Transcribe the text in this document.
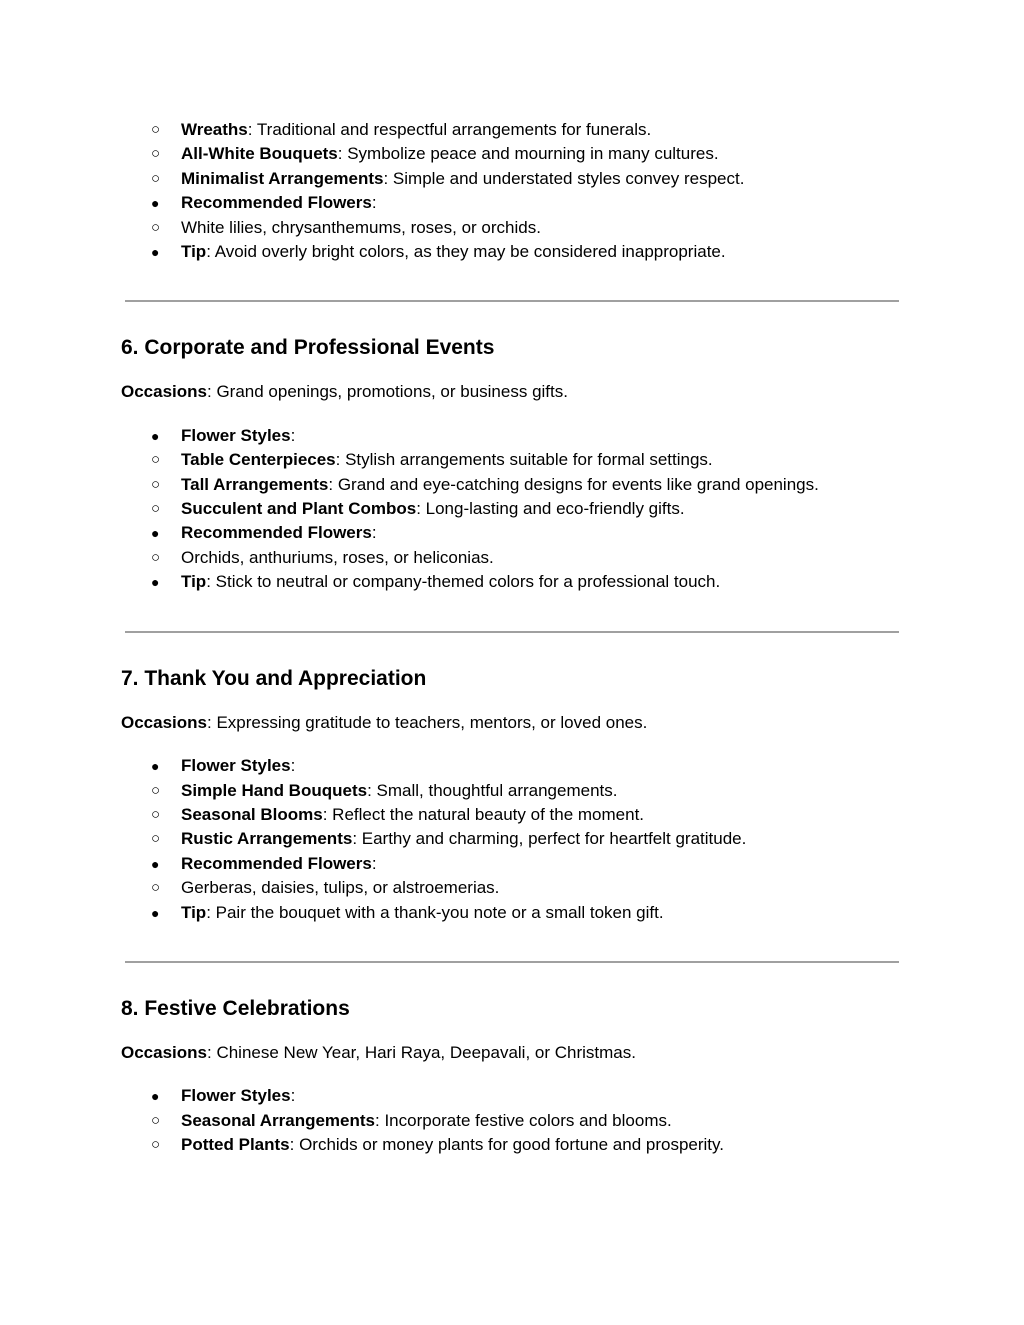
○ Wreaths: Traditional and respectful arrangements for funerals.
○ All-White Bouquets: Symbolize peace and mourning in many cultures.
○ Minimalist Arrangements: Simple and understated styles convey respect.
● Recommended Flowers:
○ White lilies, chrysanthemums, roses, or orchids.
● Tip: Avoid overly bright colors, as they may be considered inappropriate.
6. Corporate and Professional Events

Occasions: Grand openings, promotions, or business gifts.

● Flower Styles:
○ Table Centerpieces: Stylish arrangements suitable for formal settings.
○ Tall Arrangements: Grand and eye-catching designs for events like grand openings.
○ Succulent and Plant Combos: Long-lasting and eco-friendly gifts.
● Recommended Flowers:
○ Orchids, anthuriums, roses, or heliconias.
● Tip: Stick to neutral or company-themed colors for a professional touch.
7. Thank You and Appreciation

Occasions: Expressing gratitude to teachers, mentors, or loved ones.

● Flower Styles:
○ Simple Hand Bouquets: Small, thoughtful arrangements.
○ Seasonal Blooms: Reflect the natural beauty of the moment.
○ Rustic Arrangements: Earthy and charming, perfect for heartfelt gratitude.
● Recommended Flowers:
○ Gerberas, daisies, tulips, or alstroemerias.
● Tip: Pair the bouquet with a thank-you note or a small token gift.
8. Festive Celebrations

Occasions: Chinese New Year, Hari Raya, Deepavali, or Christmas.

● Flower Styles:
○ Seasonal Arrangements: Incorporate festive colors and blooms.
○ Potted Plants: Orchids or money plants for good fortune and prosperity.
